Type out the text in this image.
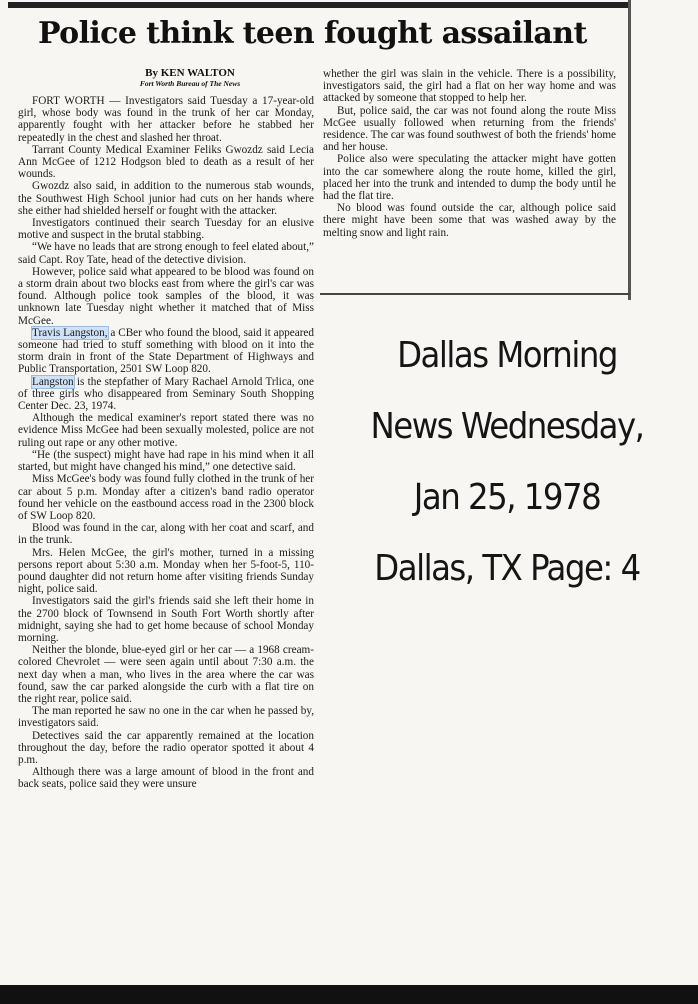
Police think teen fought assailant
By KEN WALTON
Fort Worth Bureau of The News

FORT WORTH — Investigators said Tuesday a 17-year-old girl, whose body was found in the trunk of her car Monday, apparently fought with her attacker before he stabbed her repeatedly in the chest and slashed her throat.

Tarrant County Medical Examiner Feliks Gwozdz said Lecia Ann McGee of 1212 Hodgson bled to death as a result of her wounds.

Gwozdz also said, in addition to the numerous stab wounds, the Southwest High School junior had cuts on her hands where she either had shielded herself or fought with the attacker.

Investigators continued their search Tuesday for an elusive motive and suspect in the brutal stabbing.

“We have no leads that are strong enough to feel elated about,” said Capt. Roy Tate, head of the detective division.

However, police said what appeared to be blood was found on a storm drain about two blocks east from where the girl's car was found. Although police took samples of the blood, it was unknown late Tuesday night whether it matched that of Miss McGee.

Travis Langston, a CBer who found the blood, said it appeared someone had tried to stuff something with blood on it into the storm drain in front of the State Department of Highways and Public Transportation, 2501 SW Loop 820.

Langston is the stepfather of Mary Rachael Arnold Trlica, one of three girls who disappeared from Seminary South Shopping Center Dec. 23, 1974.

Although the medical examiner's report stated there was no evidence Miss McGee had been sexually molested, police are not ruling out rape or any other motive.

“He (the suspect) might have had rape in his mind when it all started, but might have changed his mind,” one detective said.

Miss McGee's body was found fully clothed in the trunk of her car about 5 p.m. Monday after a citizen's band radio operator found her vehicle on the eastbound access road in the 2300 block of SW Loop 820.

Blood was found in the car, along with her coat and scarf, and in the trunk.

Mrs. Helen McGee, the girl's mother, turned in a missing persons report about 5:30 a.m. Monday when her 5-foot-5, 110-pound daughter did not return home after visiting friends Sunday night, police said.

Investigators said the girl's friends said she left their home in the 2700 block of Townsend in South Fort Worth shortly after midnight, saying she had to get home because of school Monday morning.

Neither the blonde, blue-eyed girl or her car — a 1968 cream-colored Chevrolet — were seen again until about 7:30 a.m. the next day when a man, who lives in the area where the car was found, saw the car parked alongside the curb with a flat tire on the right rear, police said.

The man reported he saw no one in the car when he passed by, investigators said.

Detectives said the car apparently remained at the location throughout the day, before the radio operator spotted it about 4 p.m.

Although there was a large amount of blood in the front and back seats, police said they were unsure

whether the girl was slain in the vehicle. There is a possibility, investigators said, the girl had a flat on her way home and was attacked by someone that stopped to help her.

But, police said, the car was not found along the route Miss McGee usually followed when returning from the friends' residence. The car was found southwest of both the friends' home and her house.

Police also were speculating the attacker might have gotten into the car somewhere along the route home, killed the girl, placed her into the trunk and intended to dump the body until he had the flat tire.

No blood was found outside the car, although police said there might have been some that was washed away by the melting snow and light rain.

Dallas Morning
News Wednesday,
Jan 25, 1978
Dallas, TX Page: 4
